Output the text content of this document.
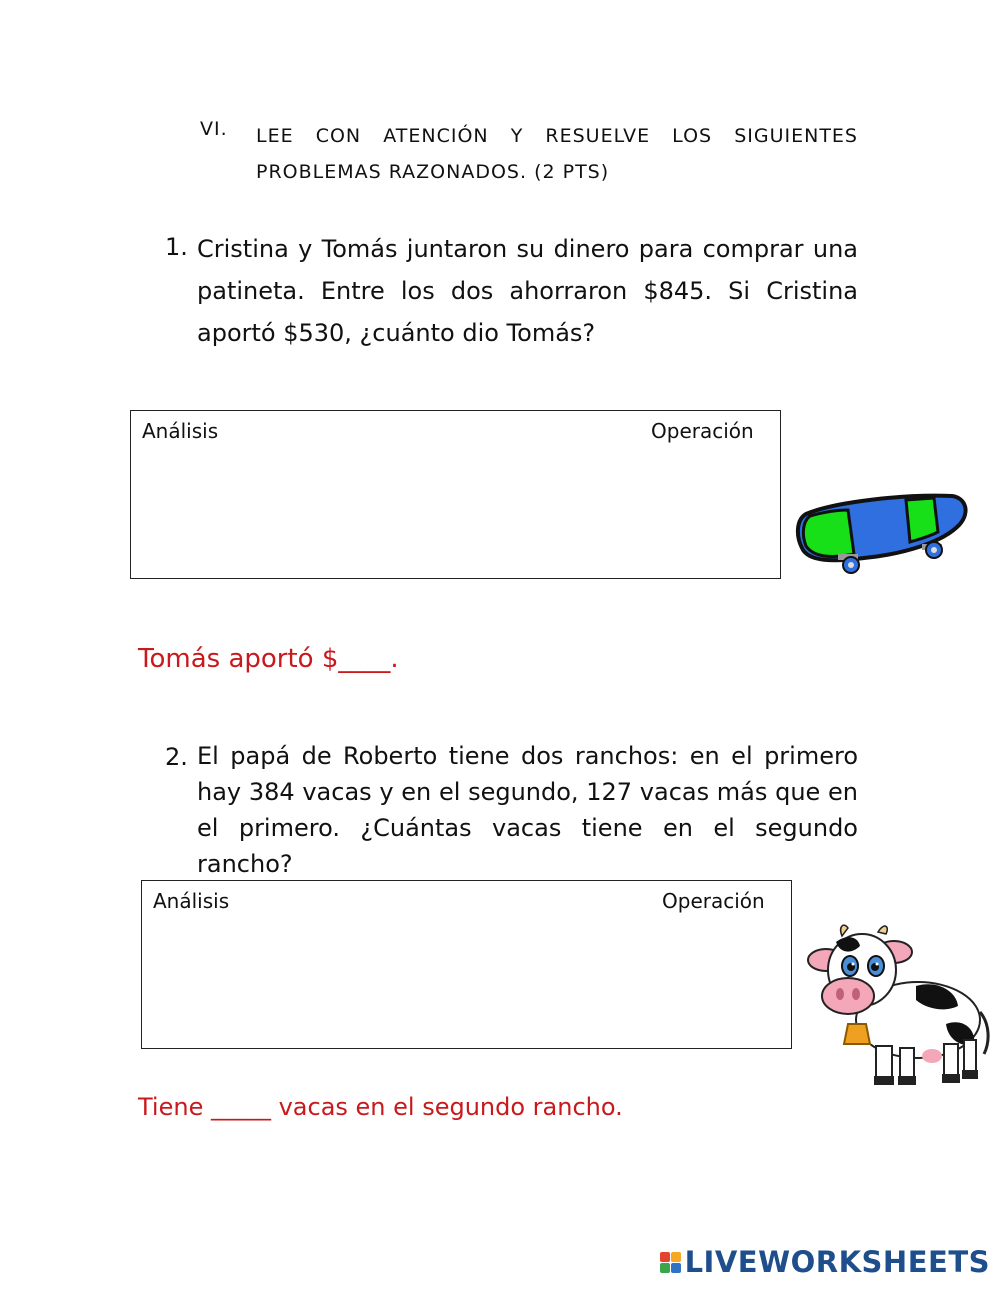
VI. LEE CON ATENCIÓN Y RESUELVE LOS SIGUIENTES PROBLEMAS RAZONADOS. (2 PTS)
1. Cristina y Tomás juntaron su dinero para comprar una patineta. Entre los dos ahorraron $845. Si Cristina aportó $530, ¿cuánto dio Tomás?
Análisis	Operación
Tomás aportó $____.
2. El papá de Roberto tiene dos ranchos: en el primero hay 384 vacas y en el segundo, 127 vacas más que en el primero. ¿Cuántas vacas tiene en el segundo rancho?
Análisis	Operación
Tiene _____ vacas en el segundo rancho.
LIVEWORKSHEETS
